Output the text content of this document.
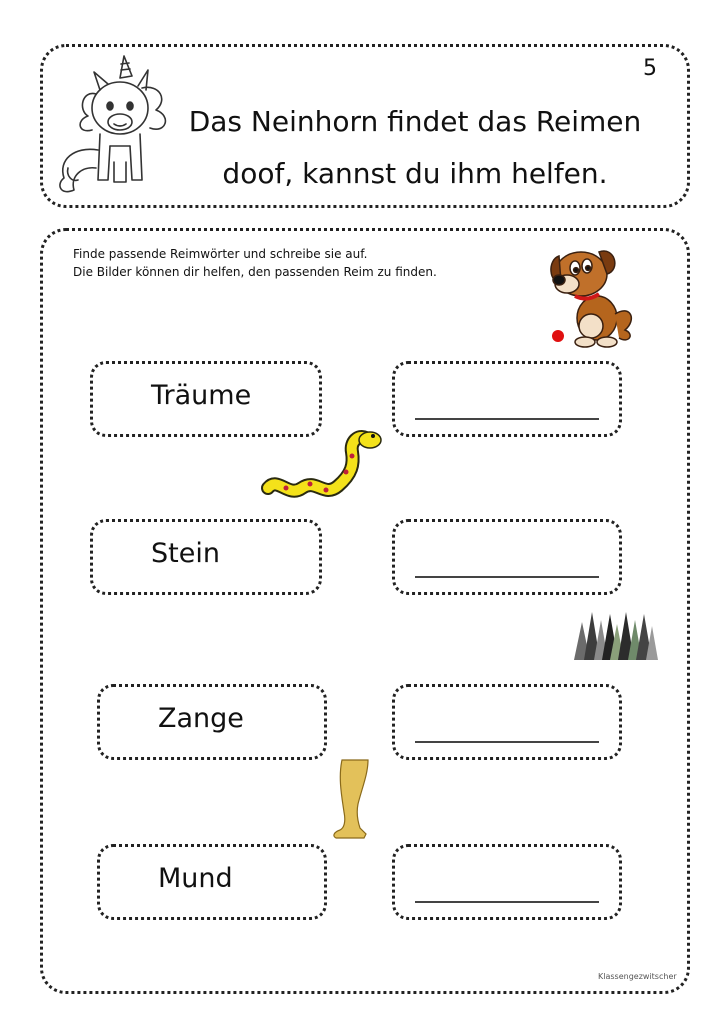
5
Das Neinhorn findet das Reimen
doof, kannst du ihm helfen.
Finde passende Reimwörter und schreibe sie auf.
Die Bilder können dir helfen, den passenden Reim zu finden.
Träume
Stein
Zange
Mund
Klassengezwitscher
